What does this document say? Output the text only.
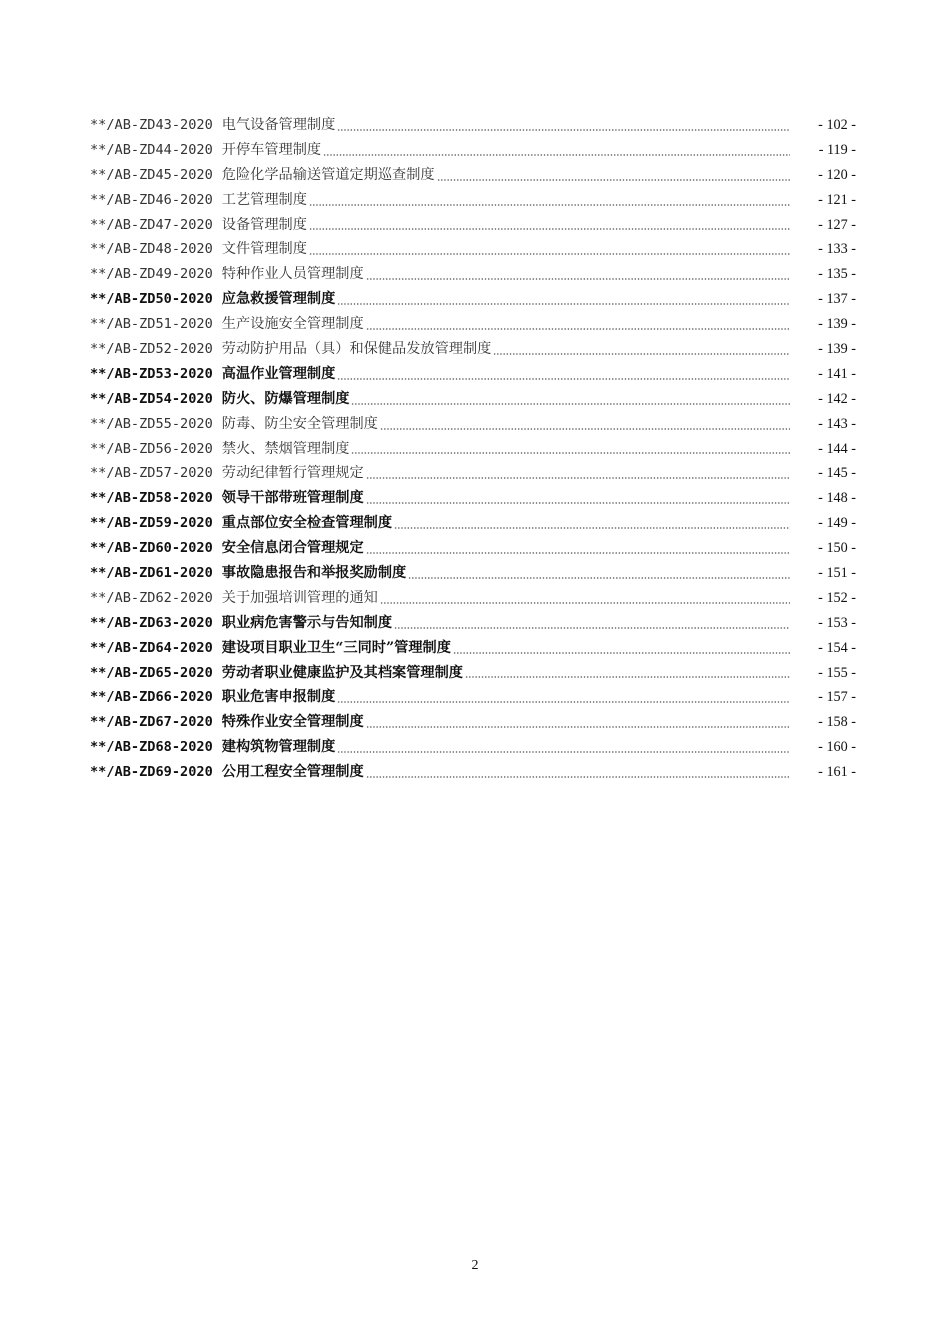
**/AB-ZD43-2020 电气设备管理制度	- 102 -
**/AB-ZD44-2020 开停车管理制度	- 119 -
**/AB-ZD45-2020 危险化学品输送管道定期巡查制度	- 120 -
**/AB-ZD46-2020 工艺管理制度	- 121 -
**/AB-ZD47-2020 设备管理制度	- 127 -
**/AB-ZD48-2020 文件管理制度	- 133 -
**/AB-ZD49-2020 特种作业人员管理制度	- 135 -
**/AB-ZD50-2020 应急救援管理制度	- 137 -
**/AB-ZD51-2020 生产设施安全管理制度	- 139 -
**/AB-ZD52-2020 劳动防护用品（具）和保健品发放管理制度	- 139 -
**/AB-ZD53-2020 高温作业管理制度	- 141 -
**/AB-ZD54-2020 防火、防爆管理制度	- 142 -
**/AB-ZD55-2020 防毒、防尘安全管理制度	- 143 -
**/AB-ZD56-2020 禁火、禁烟管理制度	- 144 -
**/AB-ZD57-2020 劳动纪律暂行管理规定	- 145 -
**/AB-ZD58-2020 领导干部带班管理制度	- 148 -
**/AB-ZD59-2020 重点部位安全检查管理制度	- 149 -
**/AB-ZD60-2020 安全信息闭合管理规定	- 150 -
**/AB-ZD61-2020 事故隐患报告和举报奖励制度	- 151 -
**/AB-ZD62-2020 关于加强培训管理的通知	- 152 -
**/AB-ZD63-2020 职业病危害警示与告知制度	- 153 -
**/AB-ZD64-2020 建设项目职业卫生“三同时”管理制度	- 154 -
**/AB-ZD65-2020 劳动者职业健康监护及其档案管理制度	- 155 -
**/AB-ZD66-2020 职业危害申报制度	- 157 -
**/AB-ZD67-2020 特殊作业安全管理制度	- 158 -
**/AB-ZD68-2020 建构筑物管理制度	- 160 -
**/AB-ZD69-2020 公用工程安全管理制度	- 161 -
2
